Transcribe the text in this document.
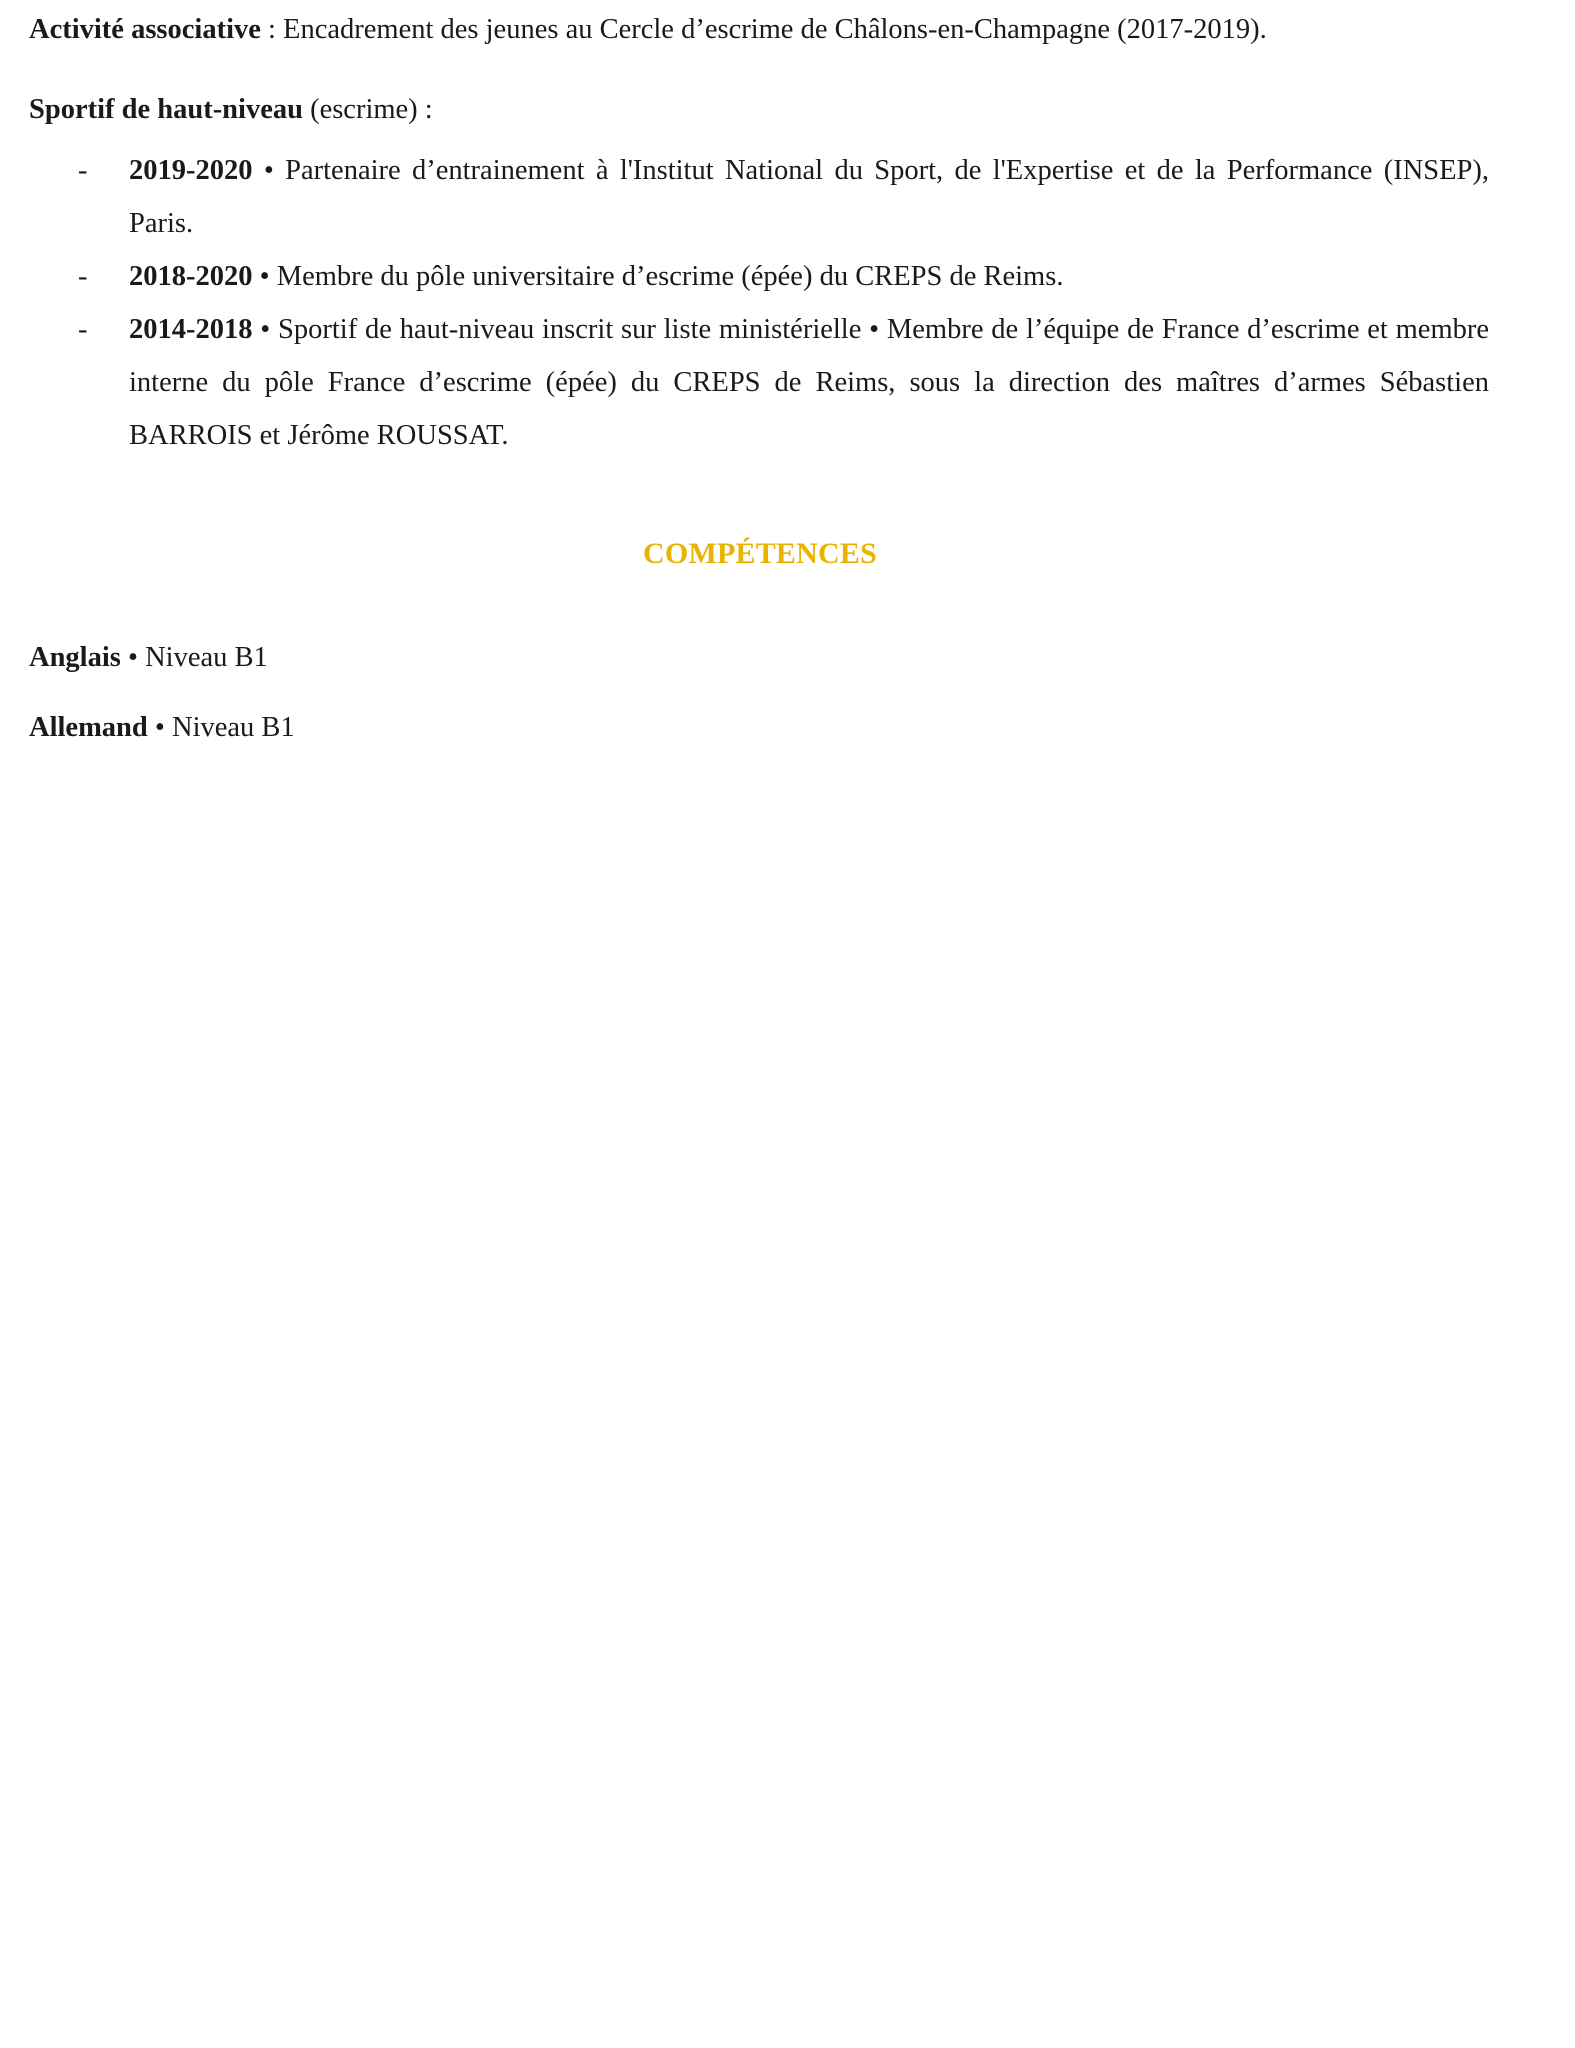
Activité associative : Encadrement des jeunes au Cercle d’escrime de Châlons-en-Champagne (2017-2019).
Sportif de haut-niveau (escrime) :
- 2019-2020 • Partenaire d’entrainement à l'Institut National du Sport, de l'Expertise et de la Performance (INSEP), Paris.
- 2018-2020 • Membre du pôle universitaire d’escrime (épée) du CREPS de Reims.
- 2014-2018 • Sportif de haut-niveau inscrit sur liste ministérielle • Membre de l’équipe de France d’escrime et membre interne du pôle France d’escrime (épée) du CREPS de Reims, sous la direction des maîtres d’armes Sébastien BARROIS et Jérôme ROUSSAT.
COMPÉTENCES
Anglais • Niveau B1
Allemand • Niveau B1
